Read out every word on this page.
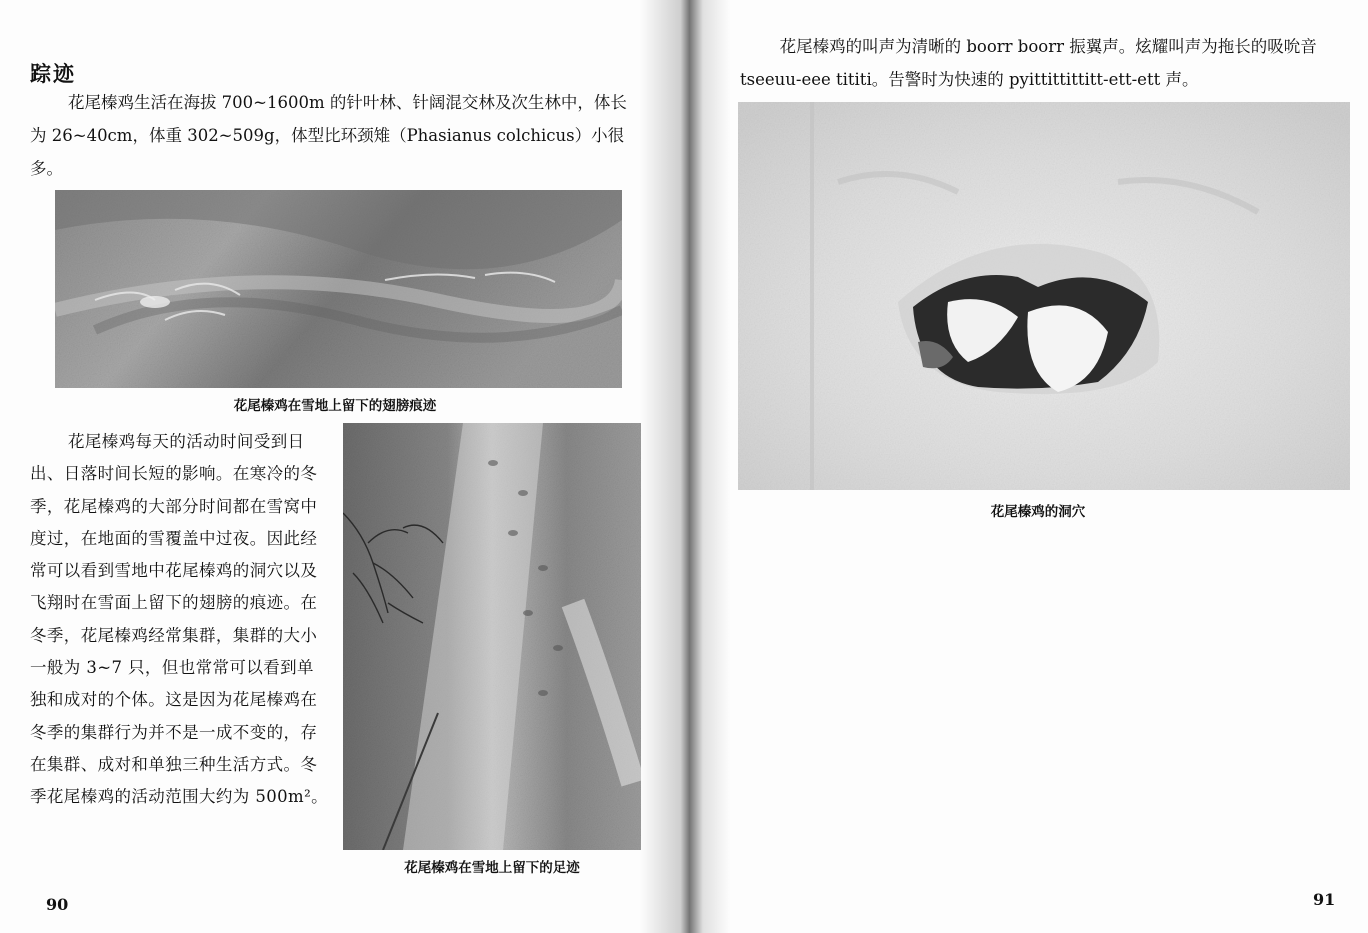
踪迹

花尾榛鸡生活在海拔 700~1600m 的针叶林、针阔混交林及次生林中，体长为 26~40cm，体重 302~509g，体型比环颈雉（Phasianus colchicus）小很多。

花尾榛鸡在雪地上留下的翅膀痕迹

花尾榛鸡每天的活动时间受到日出、日落时间长短的影响。在寒冷的冬季，花尾榛鸡的大部分时间都在雪窝中度过，在地面的雪覆盖中过夜。因此经常可以看到雪地中花尾榛鸡的洞穴以及飞翔时在雪面上留下的翅膀的痕迹。在冬季，花尾榛鸡经常集群，集群的大小一般为 3~7 只，但也常常可以看到单独和成对的个体。这是因为花尾榛鸡在冬季的集群行为并不是一成不变的，存在集群、成对和单独三种生活方式。冬季花尾榛鸡的活动范围大约为 500m²。

花尾榛鸡在雪地上留下的足迹
90

花尾榛鸡的叫声为清晰的 boorr boorr 振翼声。炫耀叫声为拖长的吸吮音 tseeuu-eee tititi。告警时为快速的 pyittittittitt-ett-ett 声。

花尾榛鸡的洞穴
91
